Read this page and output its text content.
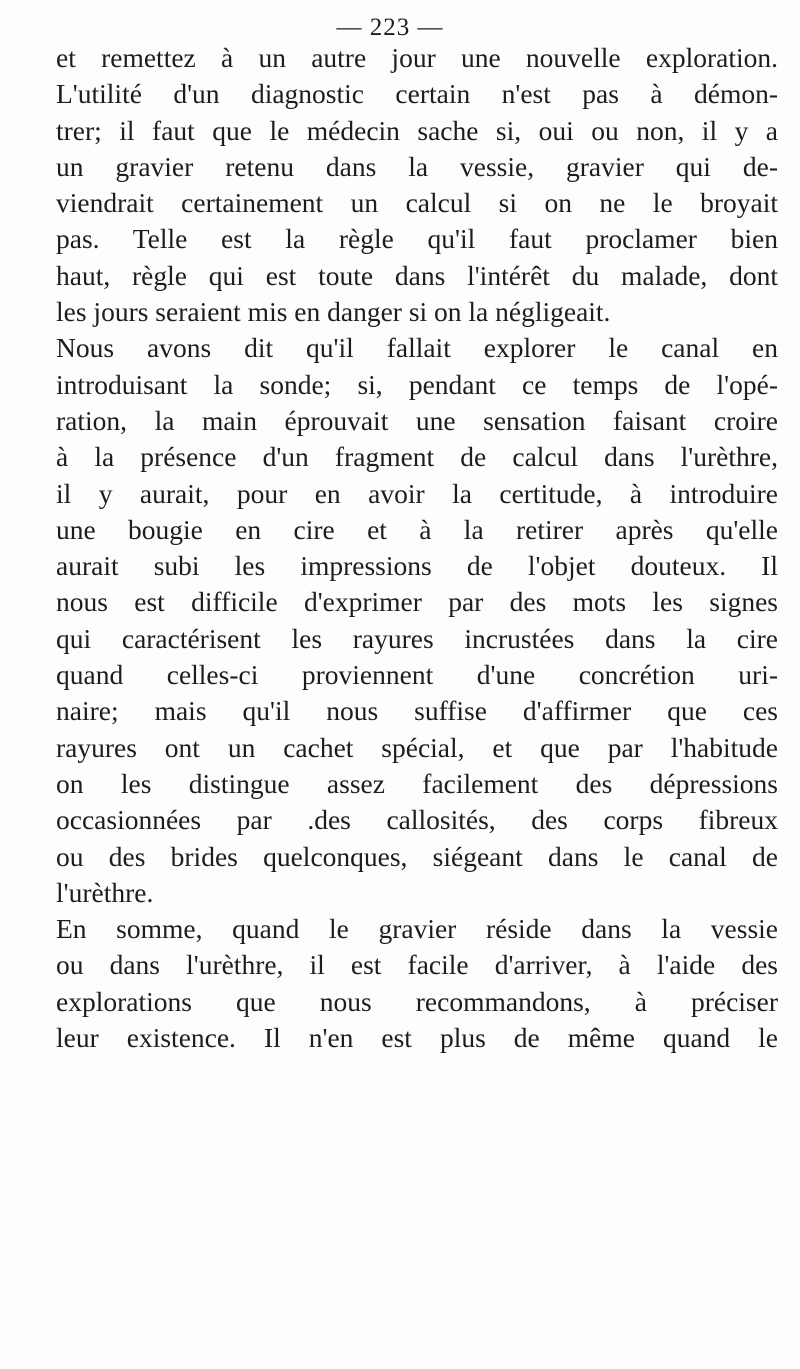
— 223 —
et remettez à un autre jour une nouvelle exploration.
L'utilité d'un diagnostic certain n'est pas à démon-
trer; il faut que le médecin sache si, oui ou non, il y a
un gravier retenu dans la vessie, gravier qui de-
viendrait certainement un calcul si on ne le broyait
pas. Telle est la règle qu'il faut proclamer bien
haut, règle qui est toute dans l'intérêt du malade, dont
les jours seraient mis en danger si on la négligeait.
Nous avons dit qu'il fallait explorer le canal en
introduisant la sonde; si, pendant ce temps de l'opé-
ration, la main éprouvait une sensation faisant croire
à la présence d'un fragment de calcul dans l'urèthre,
il y aurait, pour en avoir la certitude, à introduire
une bougie en cire et à la retirer après qu'elle
aurait subi les impressions de l'objet douteux. Il
nous est difficile d'exprimer par des mots les signes
qui caractérisent les rayures incrustées dans la cire
quand celles-ci proviennent d'une concrétion uri-
naire; mais qu'il nous suffise d'affirmer que ces
rayures ont un cachet spécial, et que par l'habitude
on les distingue assez facilement des dépressions
occasionnées par .des callosités, des corps fibreux
ou des brides quelconques, siégeant dans le canal de
l'urèthre.
En somme, quand le gravier réside dans la vessie
ou dans l'urèthre, il est facile d'arriver, à l'aide des
explorations que nous recommandons, à préciser
leur existence. Il n'en est plus de même quand le
